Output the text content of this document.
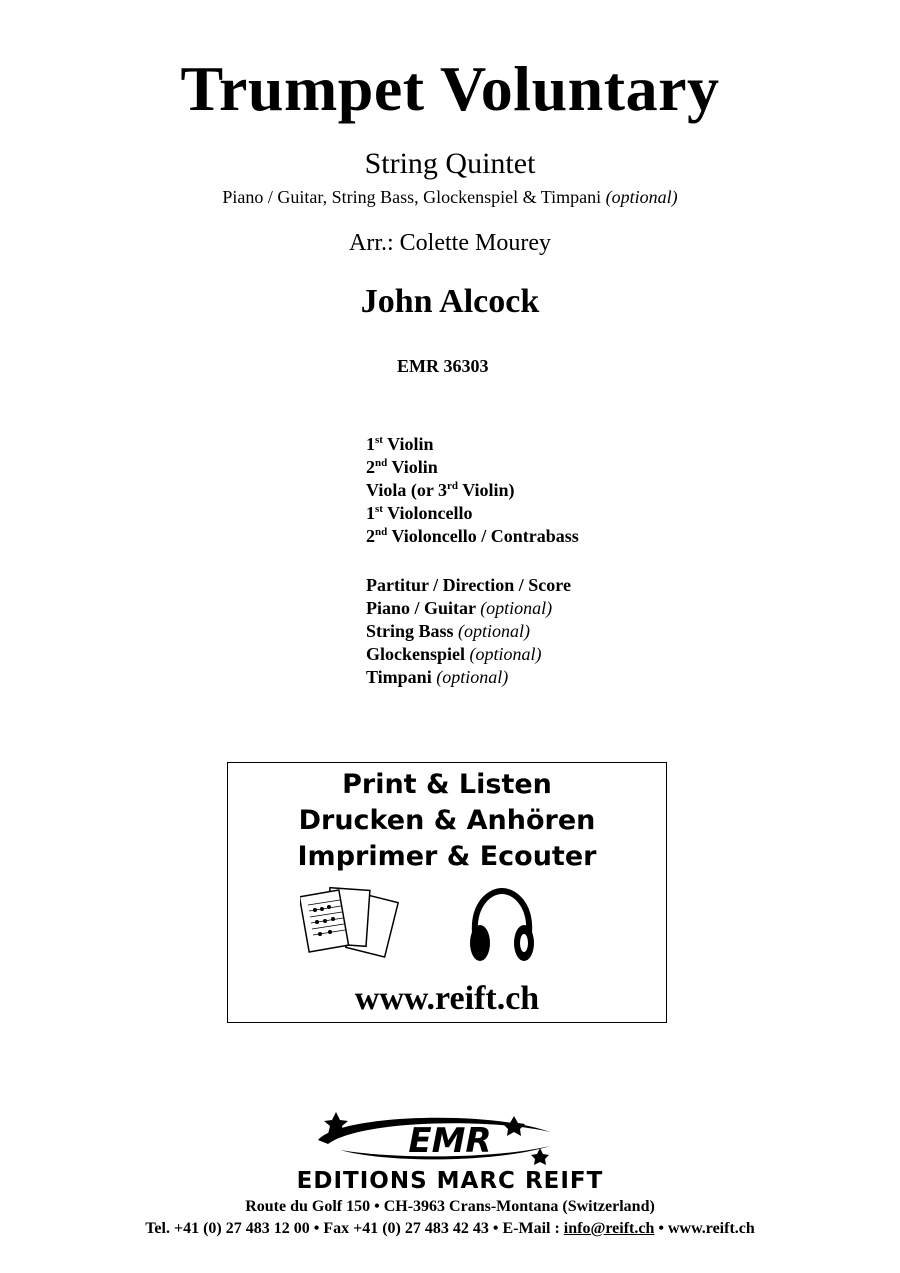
Trumpet Voluntary
String Quintet
Piano / Guitar, String Bass, Glockenspiel & Timpani (optional)
Arr.: Colette Mourey
John Alcock
EMR 36303
1st Violin
2nd Violin
Viola (or 3rd Violin)
1st Violoncello
2nd Violoncello / Contrabass
Partitur / Direction / Score
Piano / Guitar (optional)
String Bass (optional)
Glockenspiel (optional)
Timpani (optional)
Print & Listen
Drucken & Anhören
Imprimer & Ecouter
www.reift.ch
EMR
EDITIONS MARC REIFT
Route du Golf 150 • CH-3963 Crans-Montana (Switzerland)
Tel. +41 (0) 27 483 12 00 • Fax +41 (0) 27 483 42 43 • E-Mail : info@reift.ch • www.reift.ch
